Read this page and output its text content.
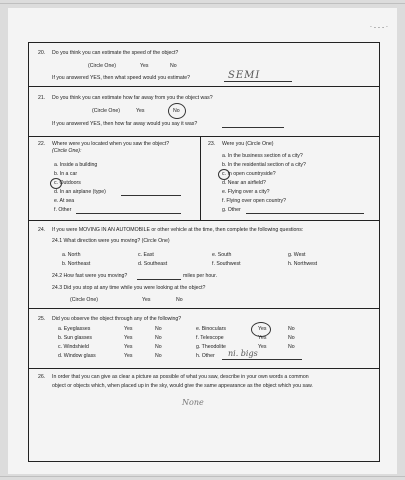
· - - - ·
20. Do you think you can estimate the speed of the object?
(Circle One)	Yes	No
If you answered YES, then what speed would you estimate?	SEMI
21. Do you think you can estimate how far away from you the object was?
(Circle One)	Yes	No
If you answered YES, then how far away would you say it was?
22. Where were you located when you saw the object?
(Circle One):
a. Inside a building
b. In a car
c. Outdoors
d. In an airplane (type)
e. At sea
f. Other
23. Were you (Circle One)
a. In the business section of a city?
b. In the residential section of a city?
c. In open countryside?
d. Near an airfield?
e. Flying over a city?
f. Flying over open country?
g. Other
24. If you were MOVING IN AN AUTOMOBILE or other vehicle at the time, then complete the following questions:
24.1 What direction were you moving? (Circle One)
a. North	c. East	e. South	g. West
b. Northeast	d. Southeast	f. Southwest	h. Northwest
24.2 How fast were you moving?	miles per hour.
24.3 Did you stop at any time while you were looking at the object?
(Circle One)	Yes	No
25. Did you observe the object through any of the following?
a. Eyeglasses	Yes	No
b. Sun glasses	Yes	No
c. Windshield	Yes	No
d. Window glass	Yes	No
e. Binoculars	Yes	No
f. Telescope	Yes	No
g. Theodolite	Yes	No
h. Other ni. bigs
26. In order that you can give as clear a picture as possible of what you saw, describe in your own words a common
object or objects which, when placed up in the sky, would give the same appearance as the object which you saw.
None
